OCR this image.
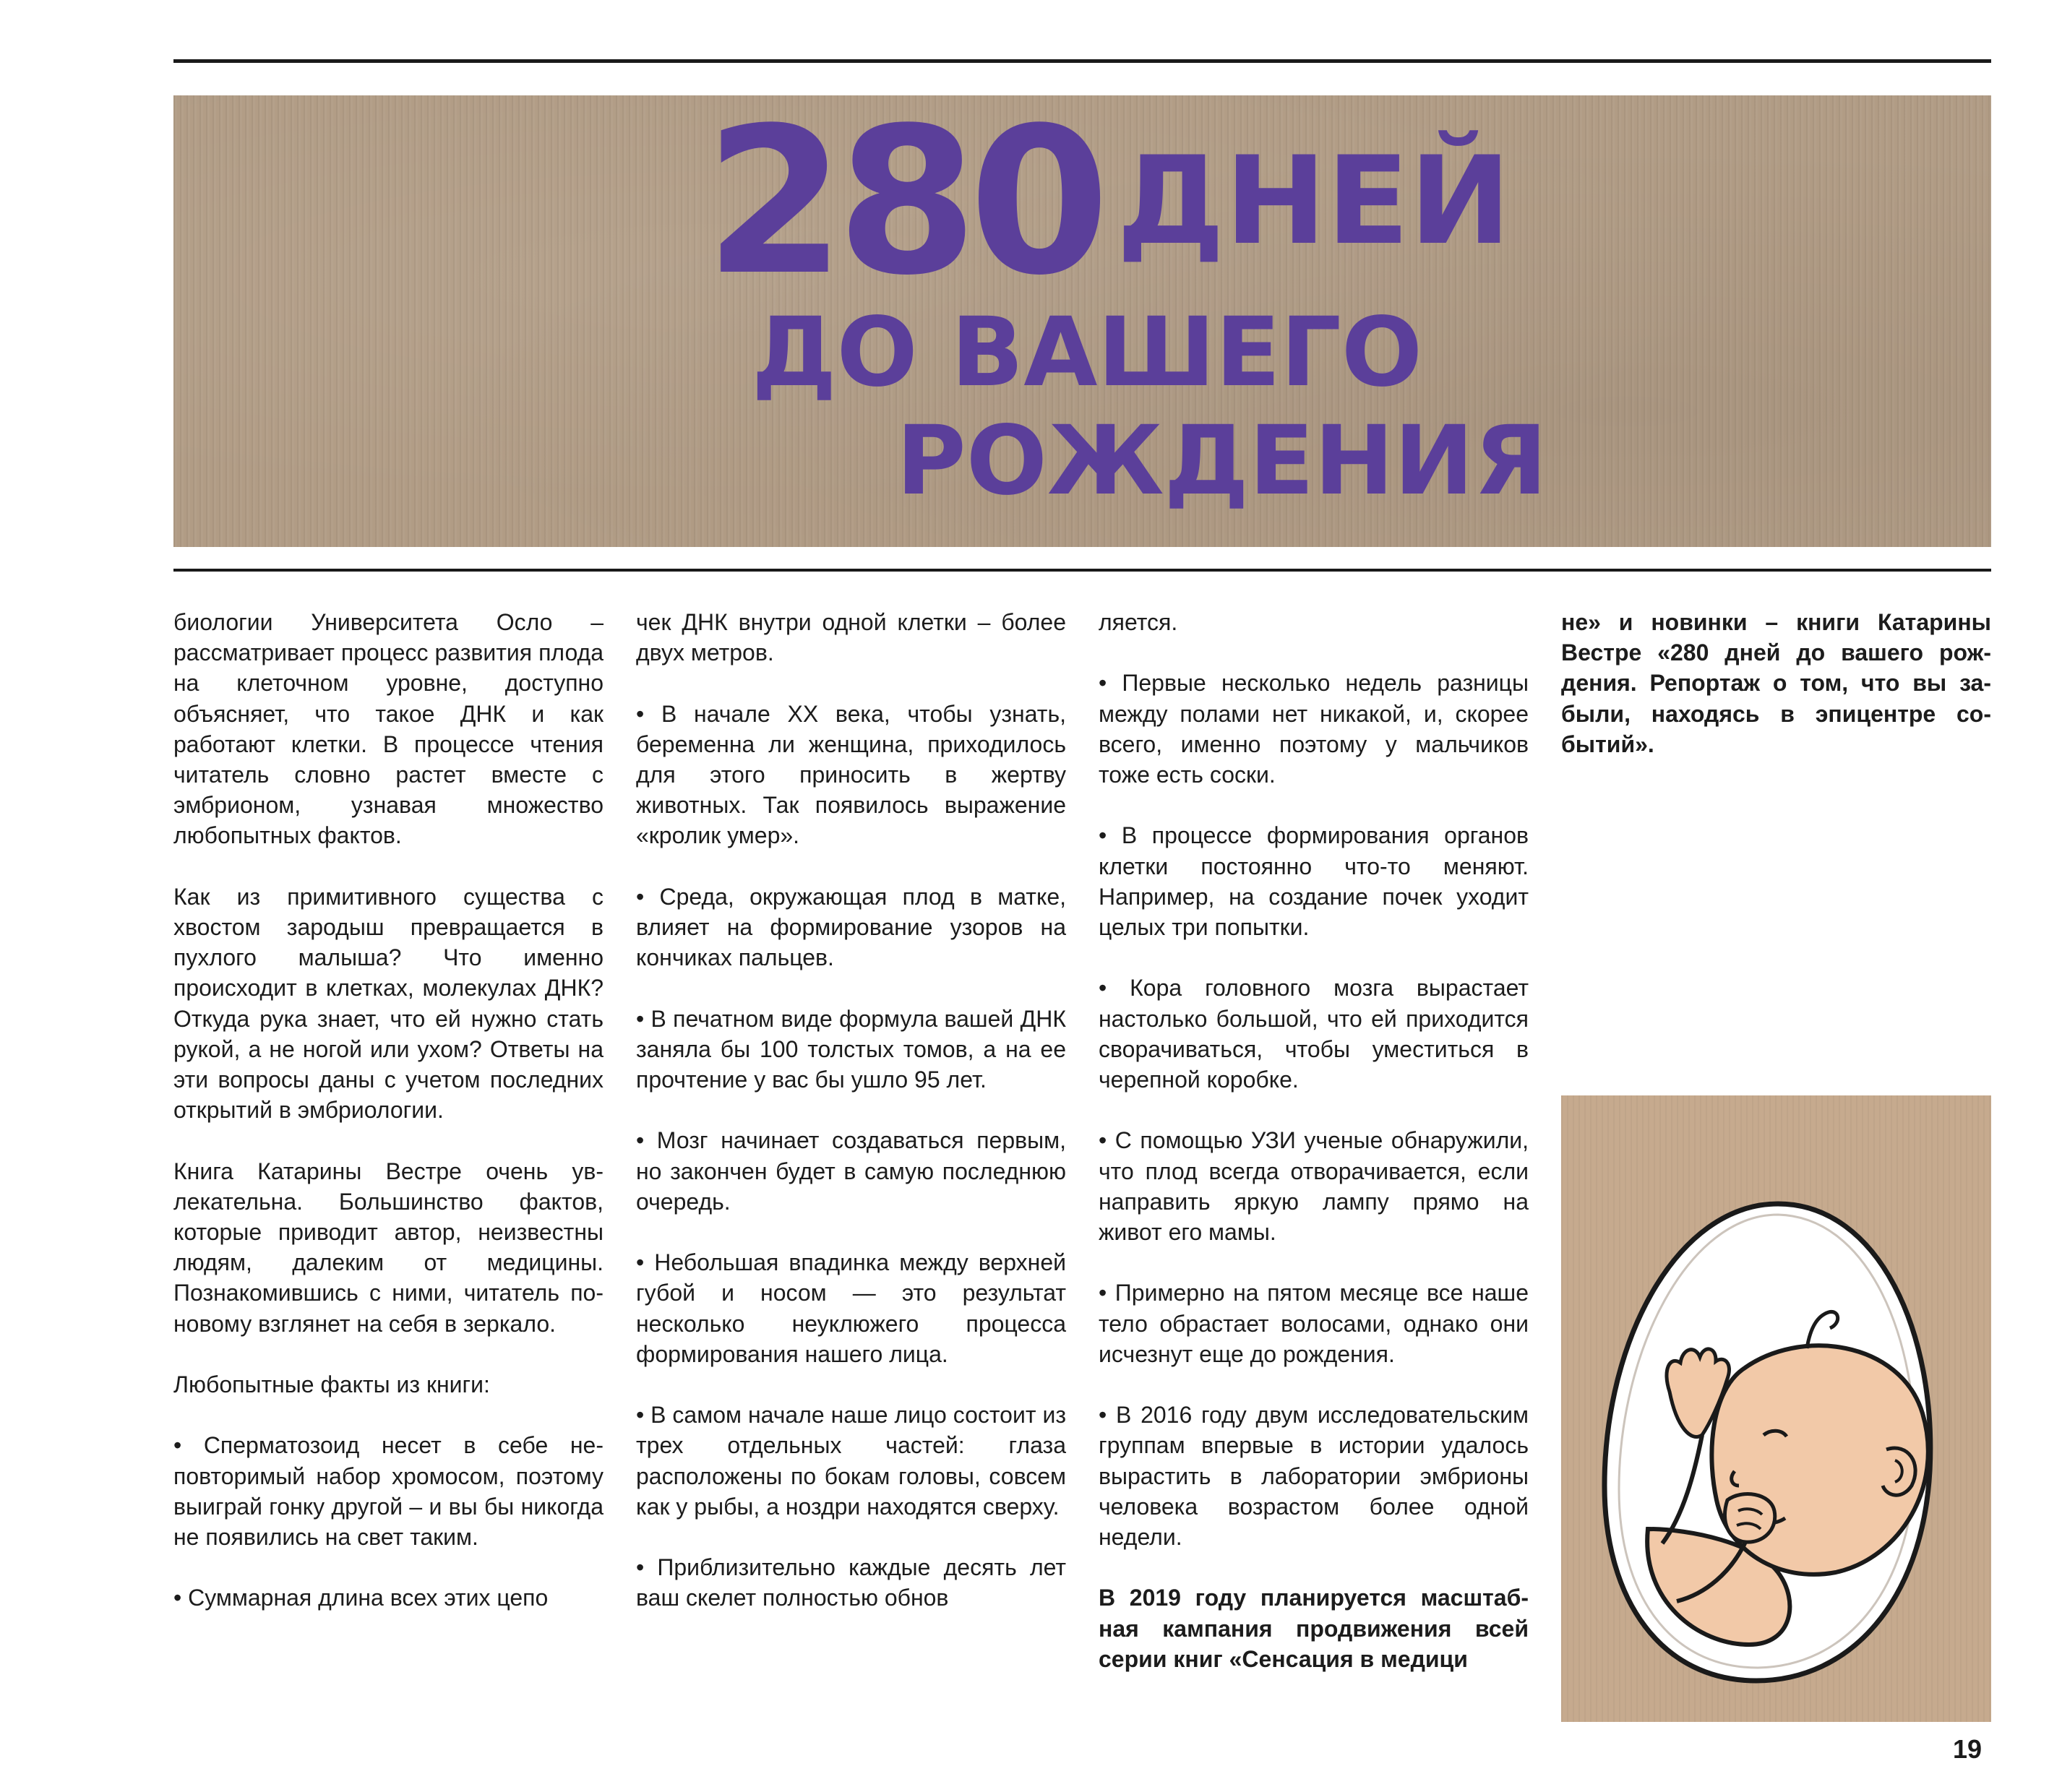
280 ДНЕЙ
ДО ВАШЕГО
РОЖДЕНИЯ

биологии Университета Осло – рассматривает процесс развития плода на клеточном уровне, доступно объясняет, что такое ДНК и как работают клетки. В процессе чтения читатель словно растет вместе с эмбрионом, узнавая множество любопытных фактов.

Как из примитивного существа с хвостом зародыш превращается в пухлого малыша? Что именно происходит в клетках, молекулах ДНК? Откуда рука знает, что ей нужно стать рукой, а не ногой или ухом? Ответы на эти вопросы даны с учетом последних открытий в эмбриологии.

Книга Катарины Вестре очень увлекательна. Большинство фактов, которые приводит автор, неизвестны людям, далеким от медицины. Познакомившись с ними, читатель по-новому взглянет на себя в зеркало.

Любопытные факты из книги:

• Сперматозоид несет в себе неповторимый набор хромосом, поэтому выиграй гонку другой – и вы бы никогда не появились на свет таким.

• Суммарная длина всех этих цепо

чек ДНК внутри одной клетки – более двух метров.

• В начале XX века, чтобы узнать, беременна ли женщина, приходилось для этого приносить в жертву животных. Так появилось выражение «кролик умер».

• Среда, окружающая плод в матке, влияет на формирование узоров на кончиках пальцев.

• В печатном виде формула вашей ДНК заняла бы 100 толстых томов, а на ее прочтение у вас бы ушло 95 лет.

• Мозг начинает создаваться первым, но закончен будет в самую последнюю очередь.

• Небольшая впадинка между верхней губой и носом — это результат несколько неуклюжего процесса формирования нашего лица.

• В самом начале наше лицо состоит из трех отдельных частей: глаза расположены по бокам головы, совсем как у рыбы, а ноздри находятся сверху.

• Приблизительно каждые десять лет ваш скелет полностью обнов

ляется.

• Первые несколько недель разницы между полами нет никакой, и, скорее всего, именно поэтому у мальчиков тоже есть соски.

• В процессе формирования органов клетки постоянно что-то меняют. Например, на создание почек уходит целых три попытки.

• Кора головного мозга вырастает настолько большой, что ей приходится сворачиваться, чтобы уместиться в черепной коробке.

• С помощью УЗИ ученые обнаружили, что плод всегда отворачивается, если направить яркую лампу прямо на живот его мамы.

• Примерно на пятом месяце все наше тело обрастает волосами, однако они исчезнут еще до рождения.

• В 2016 году двум исследовательским группам впервые в истории удалось вырастить в лаборатории эмбрионы человека возрастом более одной недели.

В 2019 году планируется масштабная кампания продвижения всей серии книг «Сенсация в медици

не» и новинки – книги Катарины Вестре «280 дней до вашего рождения. Репортаж о том, что вы забыли, находясь в эпицентре событий».

19
